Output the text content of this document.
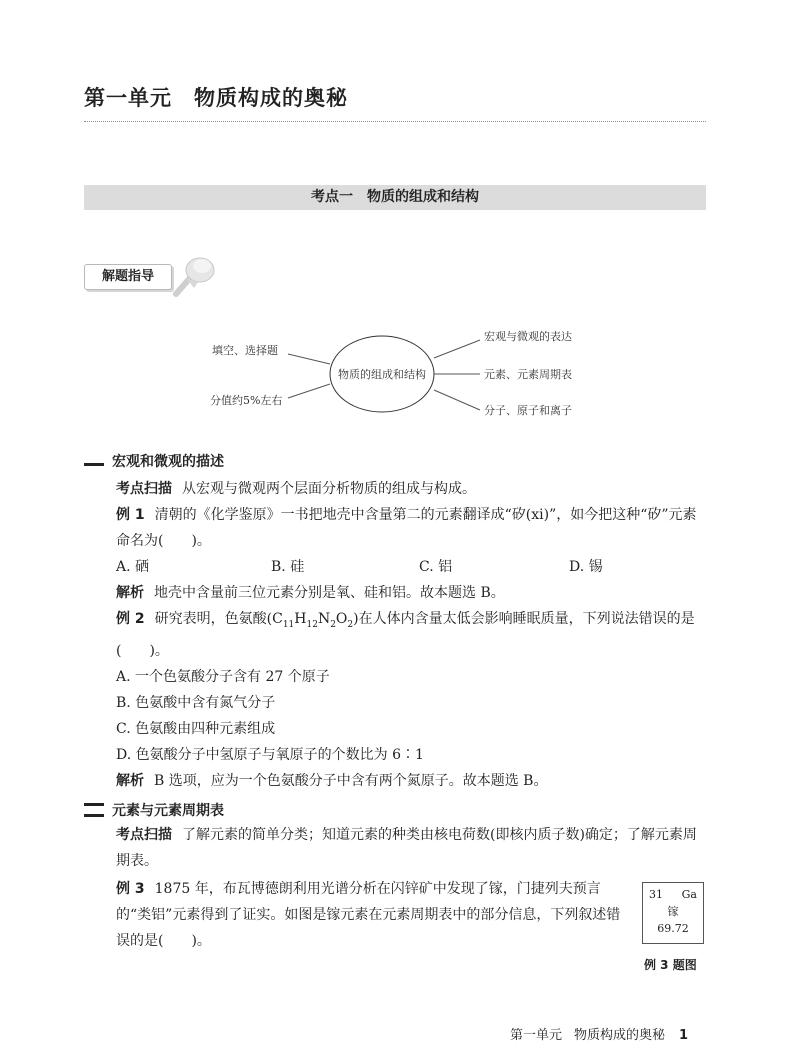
第一单元 物质构成的奥秘
考点一 物质的组成和结构
解题指导
物质的组成和结构
填空、选择题
分值约5%左右
宏观与微观的表达
元素、元素周期表
分子、原子和离子
宏观和微观的描述
考点扫描 从宏观与微观两个层面分析物质的组成与构成。
例 1 清朝的《化学鉴原》一书把地壳中含量第二的元素翻译成“矽(xi)”，如今把这种“矽”元素命名为(　　)。
A. 硒	B. 硅	C. 铝	D. 锡
解析 地壳中含量前三位元素分别是氧、硅和铝。故本题选 B。
例 2 研究表明，色氨酸$(C_{11}H_{12}N_2O_2)$在人体内含量太低会影响睡眠质量，下列说法错误的是(　　)。
A. 一个色氨酸分子含有 27 个原子
B. 色氨酸中含有氮气分子
C. 色氨酸由四种元素组成
D. 色氨酸分子中氢原子与氧原子的个数比为 6∶1
解析 B 选项，应为一个色氨酸分子中含有两个氮原子。故本题选 B。
元素与元素周期表
考点扫描 了解元素的简单分类；知道元素的种类由核电荷数(即核内质子数)确定；了解元素周期表。
例 3 1875 年，布瓦博德朗利用光谱分析在闪锌矿中发现了镓，门捷列夫预言的“类铝”元素得到了证实。如图是镓元素在元素周期表中的部分信息，下列叙述错误的是(　　)。
31 Ga
镓
69.72
例 3 题图
第一单元 物质构成的奥秘 1
